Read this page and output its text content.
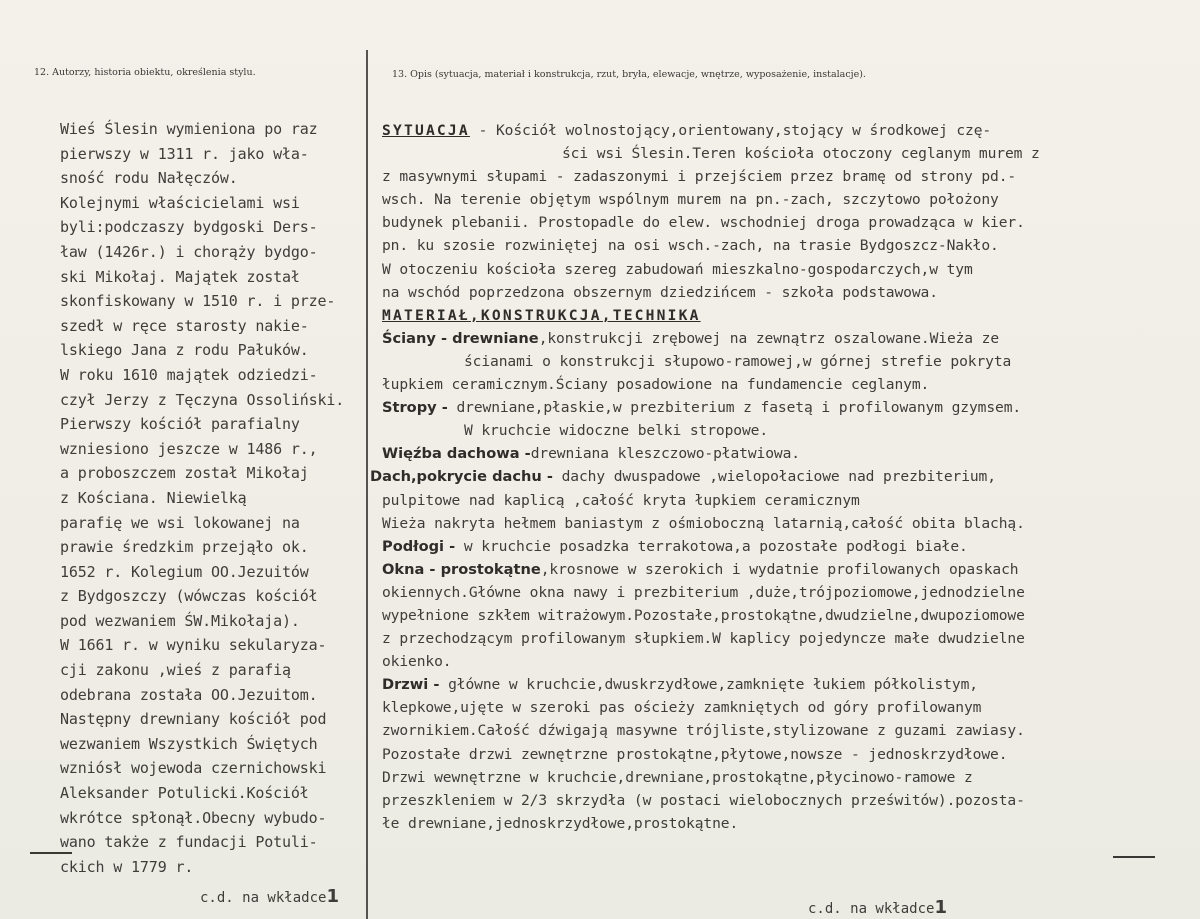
12. Autorzy, historia obiektu, określenia stylu.	13. Opis (sytuacja, materiał i konstrukcja, rzut, bryła, elewacje, wnętrze, wyposażenie, instalacje).
Wieś Ślesin wymieniona po raz
pierwszy w 1311 r. jako wła-
sność rodu Nałęczów.
Kolejnymi właścicielami wsi
byli:podczaszy bydgoski Ders-
ław (1426r.) i chorąży bydgo-
ski Mikołaj. Majątek został
skonfiskowany w 1510 r. i prze-
szedł w ręce starosty nakie-
lskiego Jana z rodu Pałuków.
W roku 1610 majątek odziedzi-
czył Jerzy z Tęczyna Ossoliński.
Pierwszy kościół parafialny
wzniesiono jeszcze w 1486 r.,
a proboszczem został Mikołaj
z Kościana. Niewielką
parafię we wsi lokowanej na
prawie średzkim przejąło ok.
1652 r. Kolegium OO.Jezuitów
z Bydgoszczy (wówczas kościół
pod wezwaniem ŚW.Mikołaja).
W 1661 r. w wyniku sekularyza-
cji zakonu ,wieś z parafią
odebrana została OO.Jezuitom.
Następny drewniany kościół pod
wezwaniem Wszystkich Świętych
wzniósł wojewoda czernichowski
Aleksander Potulicki.Kościół
wkrótce spłonął.Obecny wybudo-
wano także z fundacji Potuli-
ckich w 1779 r.
c.d. na wkładce1
c.d. na wkładce1
SYTUACJA - Kościół wolnostojący,orientowany,stojący w środkowej czę-
ści wsi Ślesin.Teren kościoła otoczony ceglanym murem z
z masywnymi słupami - zadaszonymi i przejściem przez bramę od strony pd.-
wsch. Na terenie objętym wspólnym murem na pn.-zach, szczytowo położony
budynek plebanii. Prostopadle do elew. wschodniej droga prowadząca w kier.
pn. ku szosie rozwiniętej na osi wsch.-zach, na trasie Bydgoszcz-Nakło.
W otoczeniu kościoła szereg zabudowań mieszkalno-gospodarczych,w tym
na wschód poprzedzona obszernym dziedzińcem - szkoła podstawowa.
MATERIAŁ,KONSTRUKCJA,TECHNIKA
Ściany - drewniane,konstrukcji zrębowej na zewnątrz oszalowane.Wieża ze
ścianami o konstrukcji słupowo-ramowej,w górnej strefie pokryta
łupkiem ceramicznym.Ściany posadowione na fundamencie ceglanym.
Stropy - drewniane,płaskie,w prezbiterium z fasetą i profilowanym gzymsem.
W kruchcie widoczne belki stropowe.
Więźba dachowa -drewniana kleszczowo-płatwiowa.
Dach,pokrycie dachu - dachy dwuspadowe ,wielopołaciowe nad prezbiterium,
pulpitowe nad kaplicą ,całość kryta łupkiem ceramicznym
Wieża nakryta hełmem baniastym z ośmioboczną latarnią,całość obita blachą.
Podłogi - w kruchcie posadzka terrakotowa,a pozostałe podłogi białe.
Okna - prostokątne,krosnowe w szerokich i wydatnie profilowanych opaskach
okiennych.Główne okna nawy i prezbiterium ,duże,trójpoziomowe,jednodzielne
wypełnione szkłem witrażowym.Pozostałe,prostokątne,dwudzielne,dwupoziomowe
z przechodzącym profilowanym słupkiem.W kaplicy pojedyncze małe dwudzielne
okienko.
Drzwi - główne w kruchcie,dwuskrzydłowe,zamknięte łukiem półkolistym,
klepkowe,ujęte w szeroki pas ościeży zamkniętych od góry profilowanym
zwornikiem.Całość dźwigają masywne trójliste,stylizowane z guzami zawiasy.
Pozostałe drzwi zewnętrzne prostokątne,płytowe,nowsze - jednoskrzydłowe.
Drzwi wewnętrzne w kruchcie,drewniane,prostokątne,płycinowo-ramowe z
przeszkleniem w 2/3 skrzydła (w postaci wielobocznych prześwitów).pozosta-
łe drewniane,jednoskrzydłowe,prostokątne.
